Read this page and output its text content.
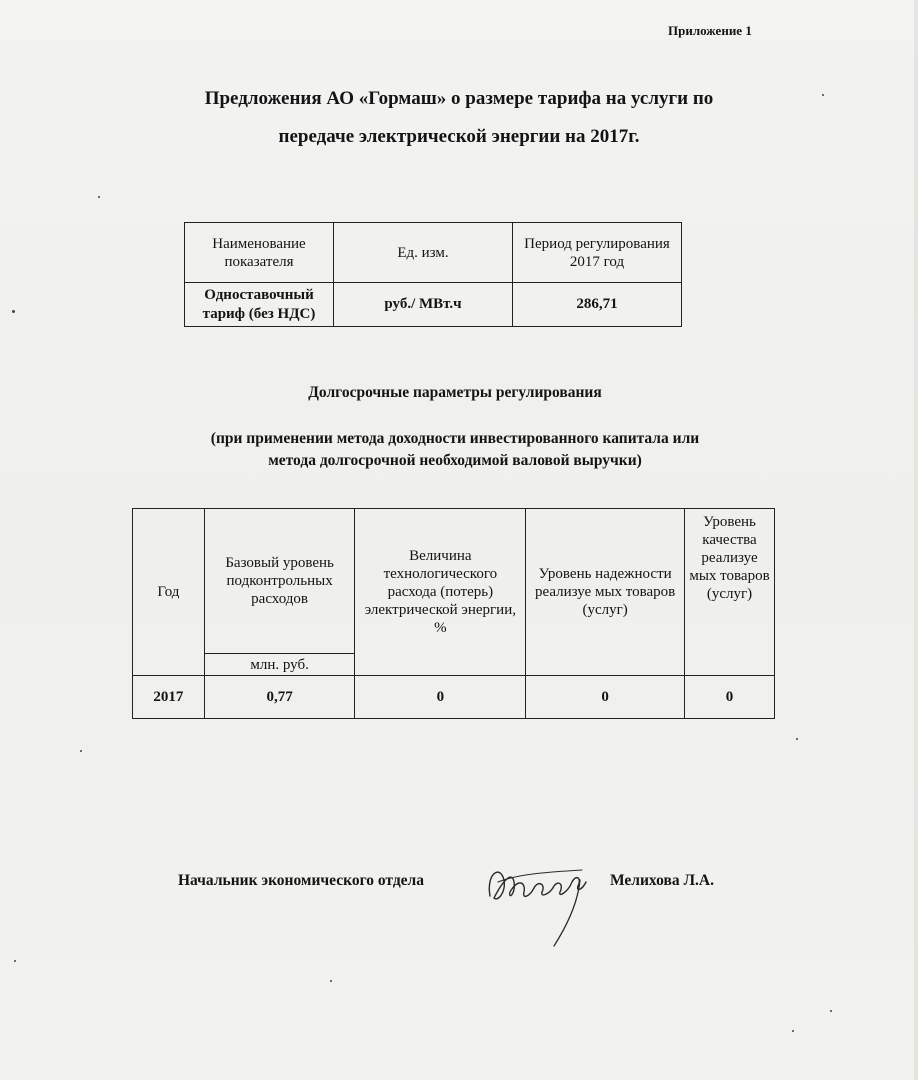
Приложение 1

Предложения АО «Гормаш» о размере тарифа на услуги по
передаче электрической энергии на 2017г.
Наименование показателя	Ед. изм.	Период регулирования 2017 год
Одноставочный тариф (без НДС)	руб./ МВт.ч	286,71
Долгосрочные параметры регулирования

(при применении метода доходности инвестированного капитала или
метода долгосрочной необходимой валовой выручки)

Год	Базовый уровень подконтрольных расходов	Величина технологического расхода (потерь) электрической энергии, %	Уровень надежности реализуе мых товаров (услуг)	Уровень качества реализуе мых товаров (услуг)
	млн. руб.			
2017	0,77	0	0	0

Начальник экономического отдела	Мелихова Л.А.
